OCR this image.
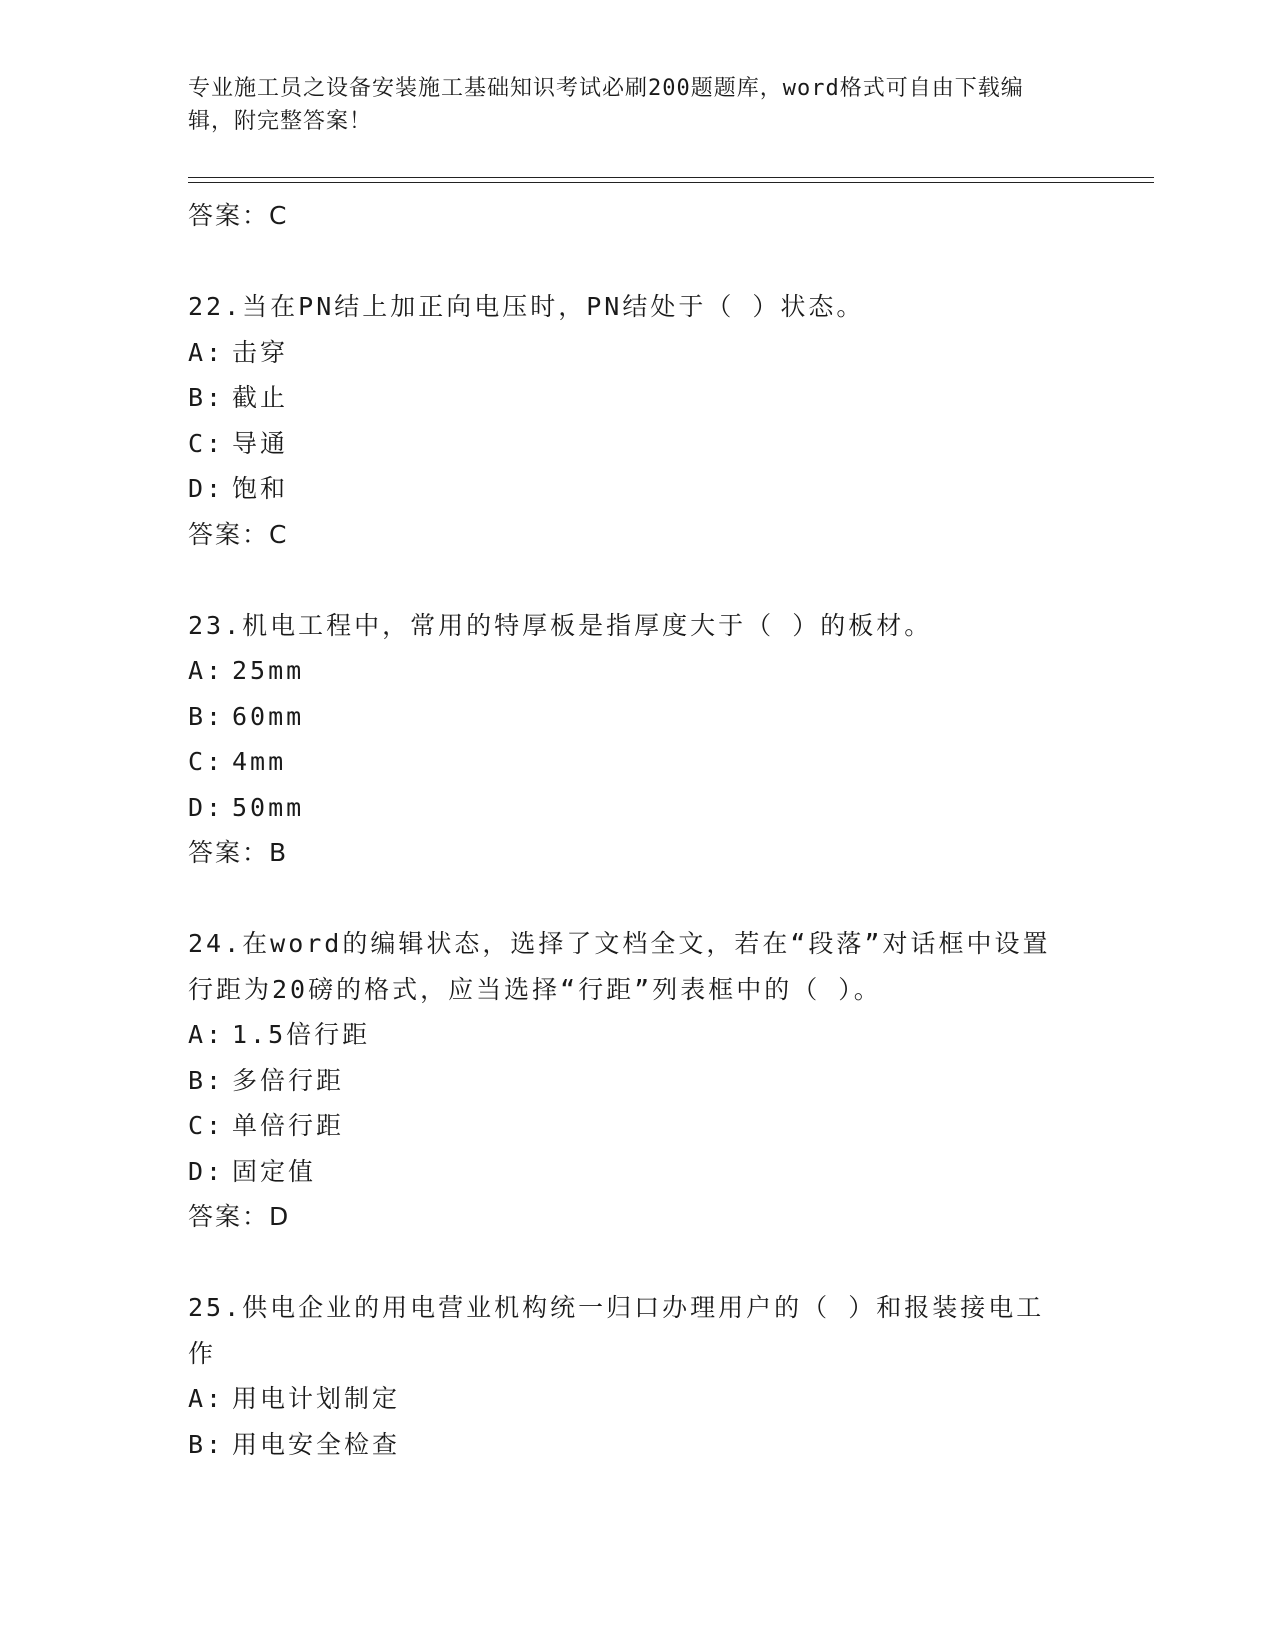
专业施工员之设备安装施工基础知识考试必刷200题题库，word格式可自由下载编辑，附完整答案！
答案：C
22.当在PN结上加正向电压时，PN结处于（ ）状态。
A: 击穿
B: 截止
C: 导通
D: 饱和
答案：C
23.机电工程中，常用的特厚板是指厚度大于（ ）的板材。
A: 25mm
B: 60mm
C: 4mm
D: 50mm
答案：B
24.在word的编辑状态，选择了文档全文，若在“段落”对话框中设置行距为20磅的格式，应当选择“行距”列表框中的（ ）。
A: 1.5倍行距
B: 多倍行距
C: 单倍行距
D: 固定值
答案：D
25.供电企业的用电营业机构统一归口办理用户的（ ）和报装接电工作
A: 用电计划制定
B: 用电安全检查
